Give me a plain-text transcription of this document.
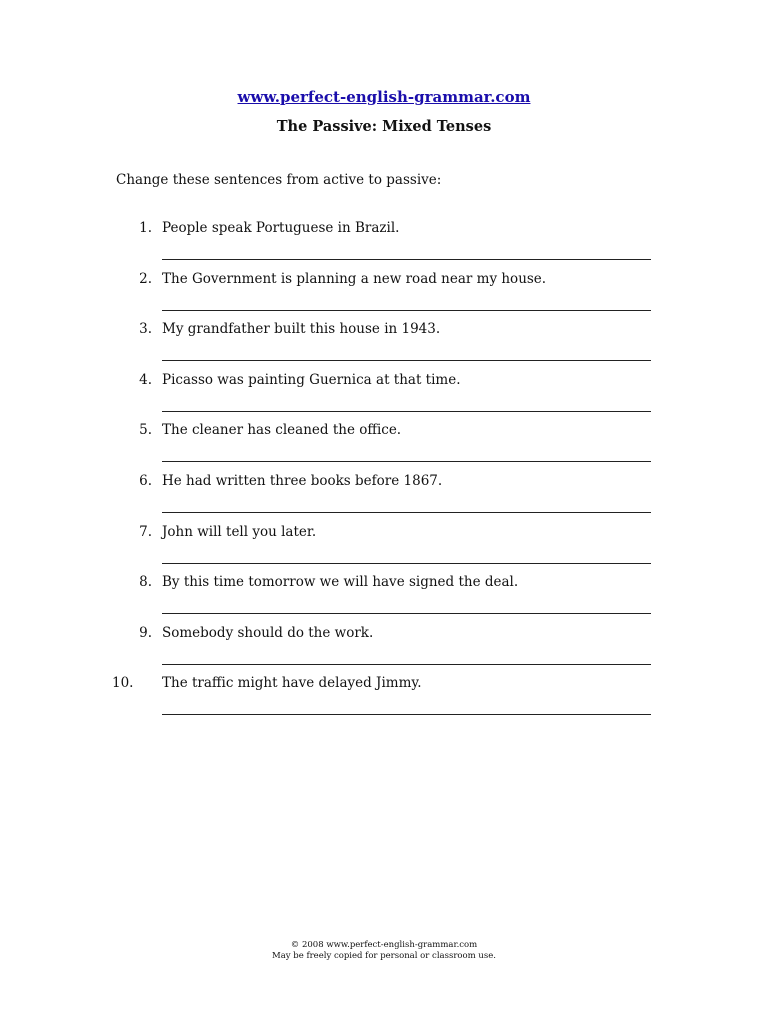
www.perfect-english-grammar.com
The Passive: Mixed Tenses
Change these sentences from active to passive:
1. People speak Portuguese in Brazil.
2. The Government is planning a new road near my house.
3. My grandfather built this house in 1943.
4. Picasso was painting Guernica at that time.
5. The cleaner has cleaned the office.
6. He had written three books before 1867.
7. John will tell you later.
8. By this time tomorrow we will have signed the deal.
9. Somebody should do the work.
10.	The traffic might have delayed Jimmy.
© 2008 www.perfect-english-grammar.com
May be freely copied for personal or classroom use.
